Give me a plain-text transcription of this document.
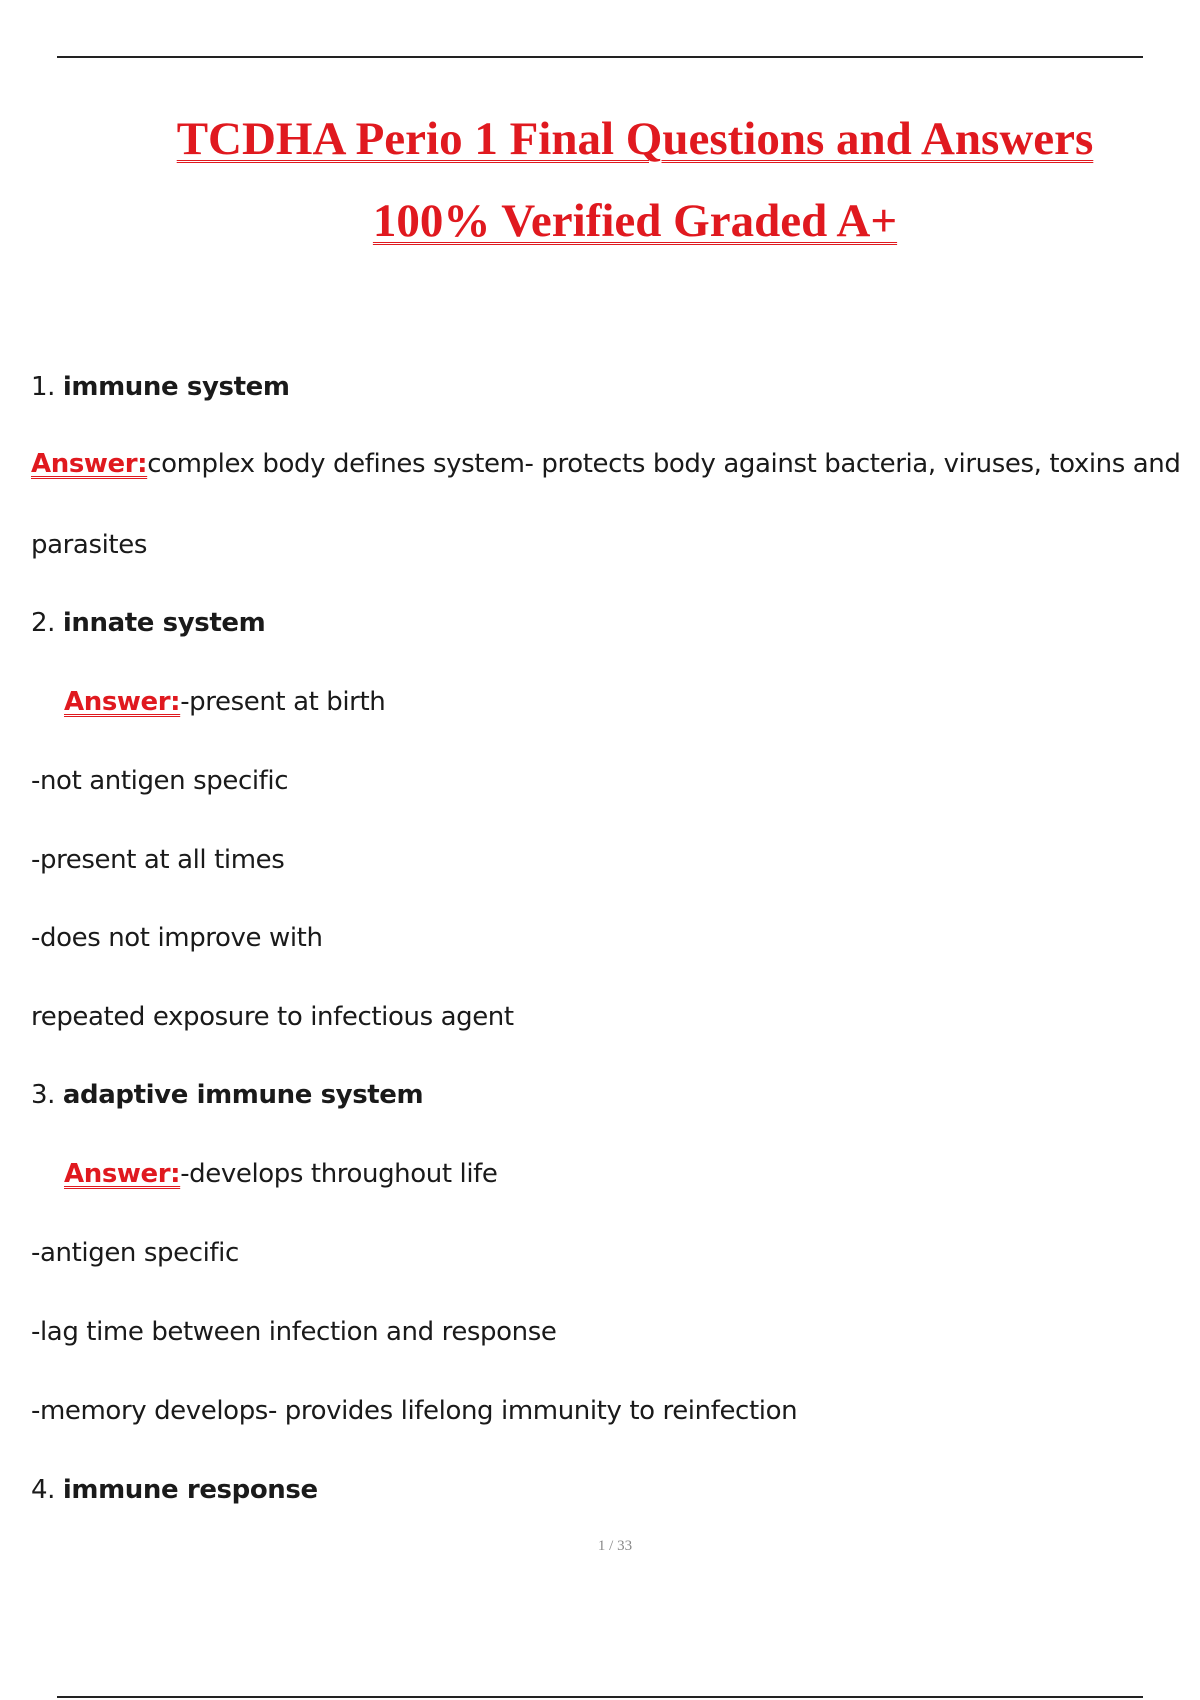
TCDHA Perio 1 Final Questions and Answers
100% Verified Graded A+
1. immune system
Answer:complex body defines system- protects body against bacteria, viruses, toxins and
parasites
2. innate system
Answer:-present at birth
-not antigen specific
-present at all times
-does not improve with
repeated exposure to infectious agent
3. adaptive immune system
Answer:-develops throughout life
-antigen specific
-lag time between infection and response
-memory develops- provides lifelong immunity to reinfection
4. immune response
1 / 33
